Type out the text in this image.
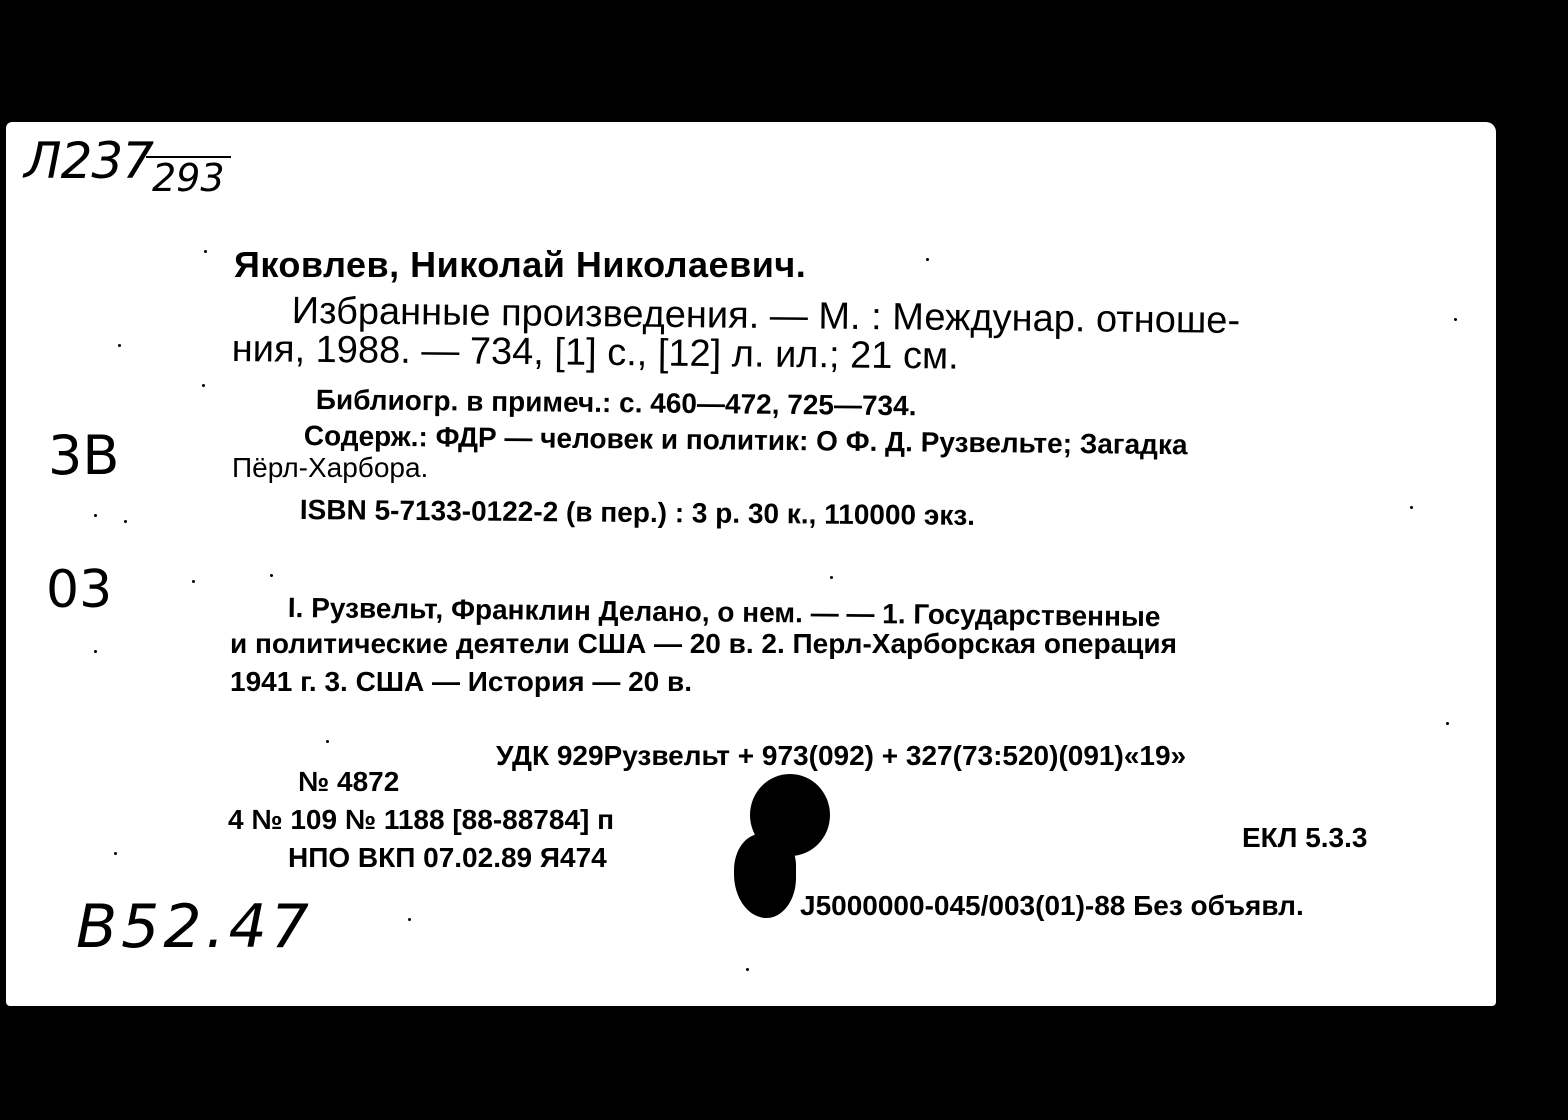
Л237
293
3В
03
В52.47
Яковлев, Николай Николаевич.
Избранные произведения. — М. : Междунар. отноше-
ния, 1988. — 734, [1] с., [12] л. ил.; 21 см.
Библиогр. в примеч.: с. 460—472, 725—734.
Содерж.: ФДР — человек и политик: О Ф. Д. Рузвельте; Загадка
Пёрл-Харбора.
ISBN 5-7133-0122-2 (в пер.) : 3 р. 30 к., 110000 экз.
I. Рузвельт, Франклин Делано, о нем. — — 1. Государственные
и политические деятели США — 20 в. 2. Перл-Харборская операция
1941 г. 3. США — История — 20 в.
УДК 929Рузвельт + 973(092) + 327(73:520)(091)«19»
№ 4872
4 № 109 № 1188 [88-88784] п
НПО ВКП 07.02.89 Я474
ЕКЛ 5.3.3
J5000000-045/003(01)-88 Без объявл.
